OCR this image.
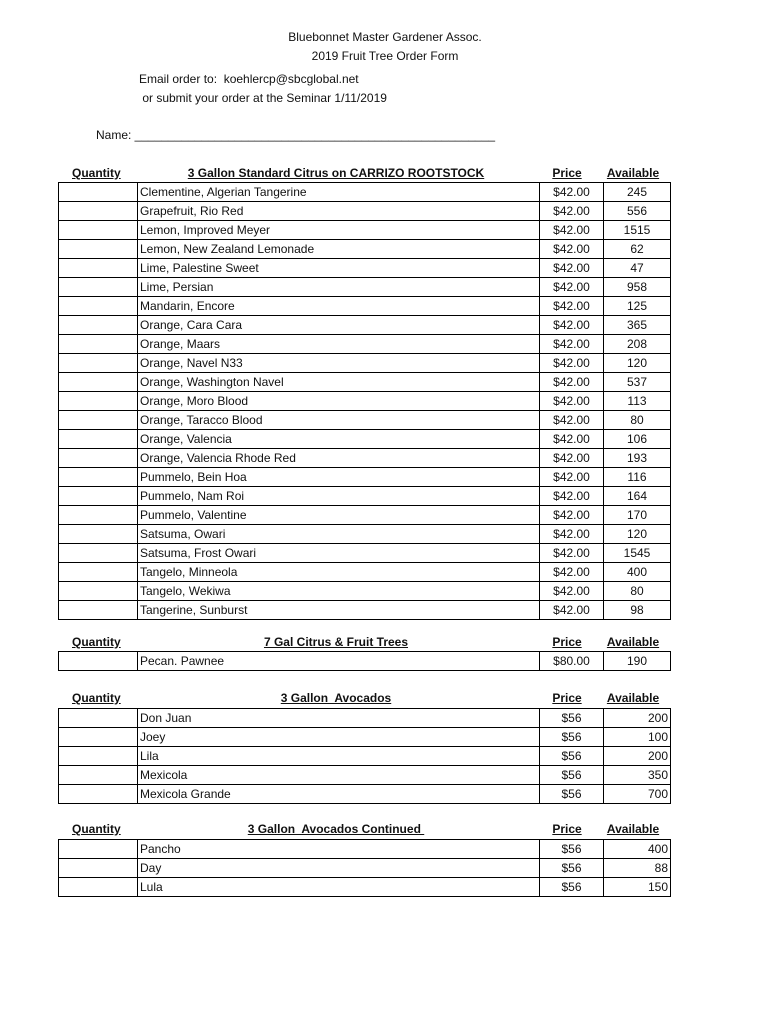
Bluebonnet Master Gardener Assoc.
2019 Fruit Tree Order Form
Email order to:  koehlercp@sbcglobal.net
or submit your order at the Seminar 1/11/2019
Name: ______________________________________________________
Quantity	3 Gallon Standard Citrus on CARRIZO ROOTSTOCK	Price	Available
	Clementine, Algerian Tangerine	$42.00	245
	Grapefruit, Rio Red	$42.00	556
	Lemon, Improved Meyer	$42.00	1515
	Lemon, New Zealand Lemonade	$42.00	62
	Lime, Palestine Sweet	$42.00	47
	Lime, Persian	$42.00	958
	Mandarin, Encore	$42.00	125
	Orange, Cara Cara	$42.00	365
	Orange, Maars	$42.00	208
	Orange, Navel N33	$42.00	120
	Orange, Washington Navel	$42.00	537
	Orange, Moro Blood	$42.00	113
	Orange, Taracco Blood	$42.00	80
	Orange, Valencia	$42.00	106
	Orange, Valencia Rhode Red	$42.00	193
	Pummelo, Bein Hoa	$42.00	116
	Pummelo, Nam Roi	$42.00	164
	Pummelo, Valentine	$42.00	170
	Satsuma, Owari	$42.00	120
	Satsuma, Frost Owari	$42.00	1545
	Tangelo, Minneola	$42.00	400
	Tangelo, Wekiwa	$42.00	80
	Tangerine, Sunburst	$42.00	98
Quantity	7 Gal Citrus & Fruit Trees	Price	Available
	Pecan. Pawnee	$80.00	190
Quantity	3 Gallon  Avocados	Price	Available
	Don Juan	$56	200
	Joey	$56	100
	Lila	$56	200
	Mexicola	$56	350
	Mexicola Grande	$56	700
Quantity	3 Gallon  Avocados Continued	Price	Available
	Pancho	$56	400
	Day	$56	88
	Lula	$56	150
